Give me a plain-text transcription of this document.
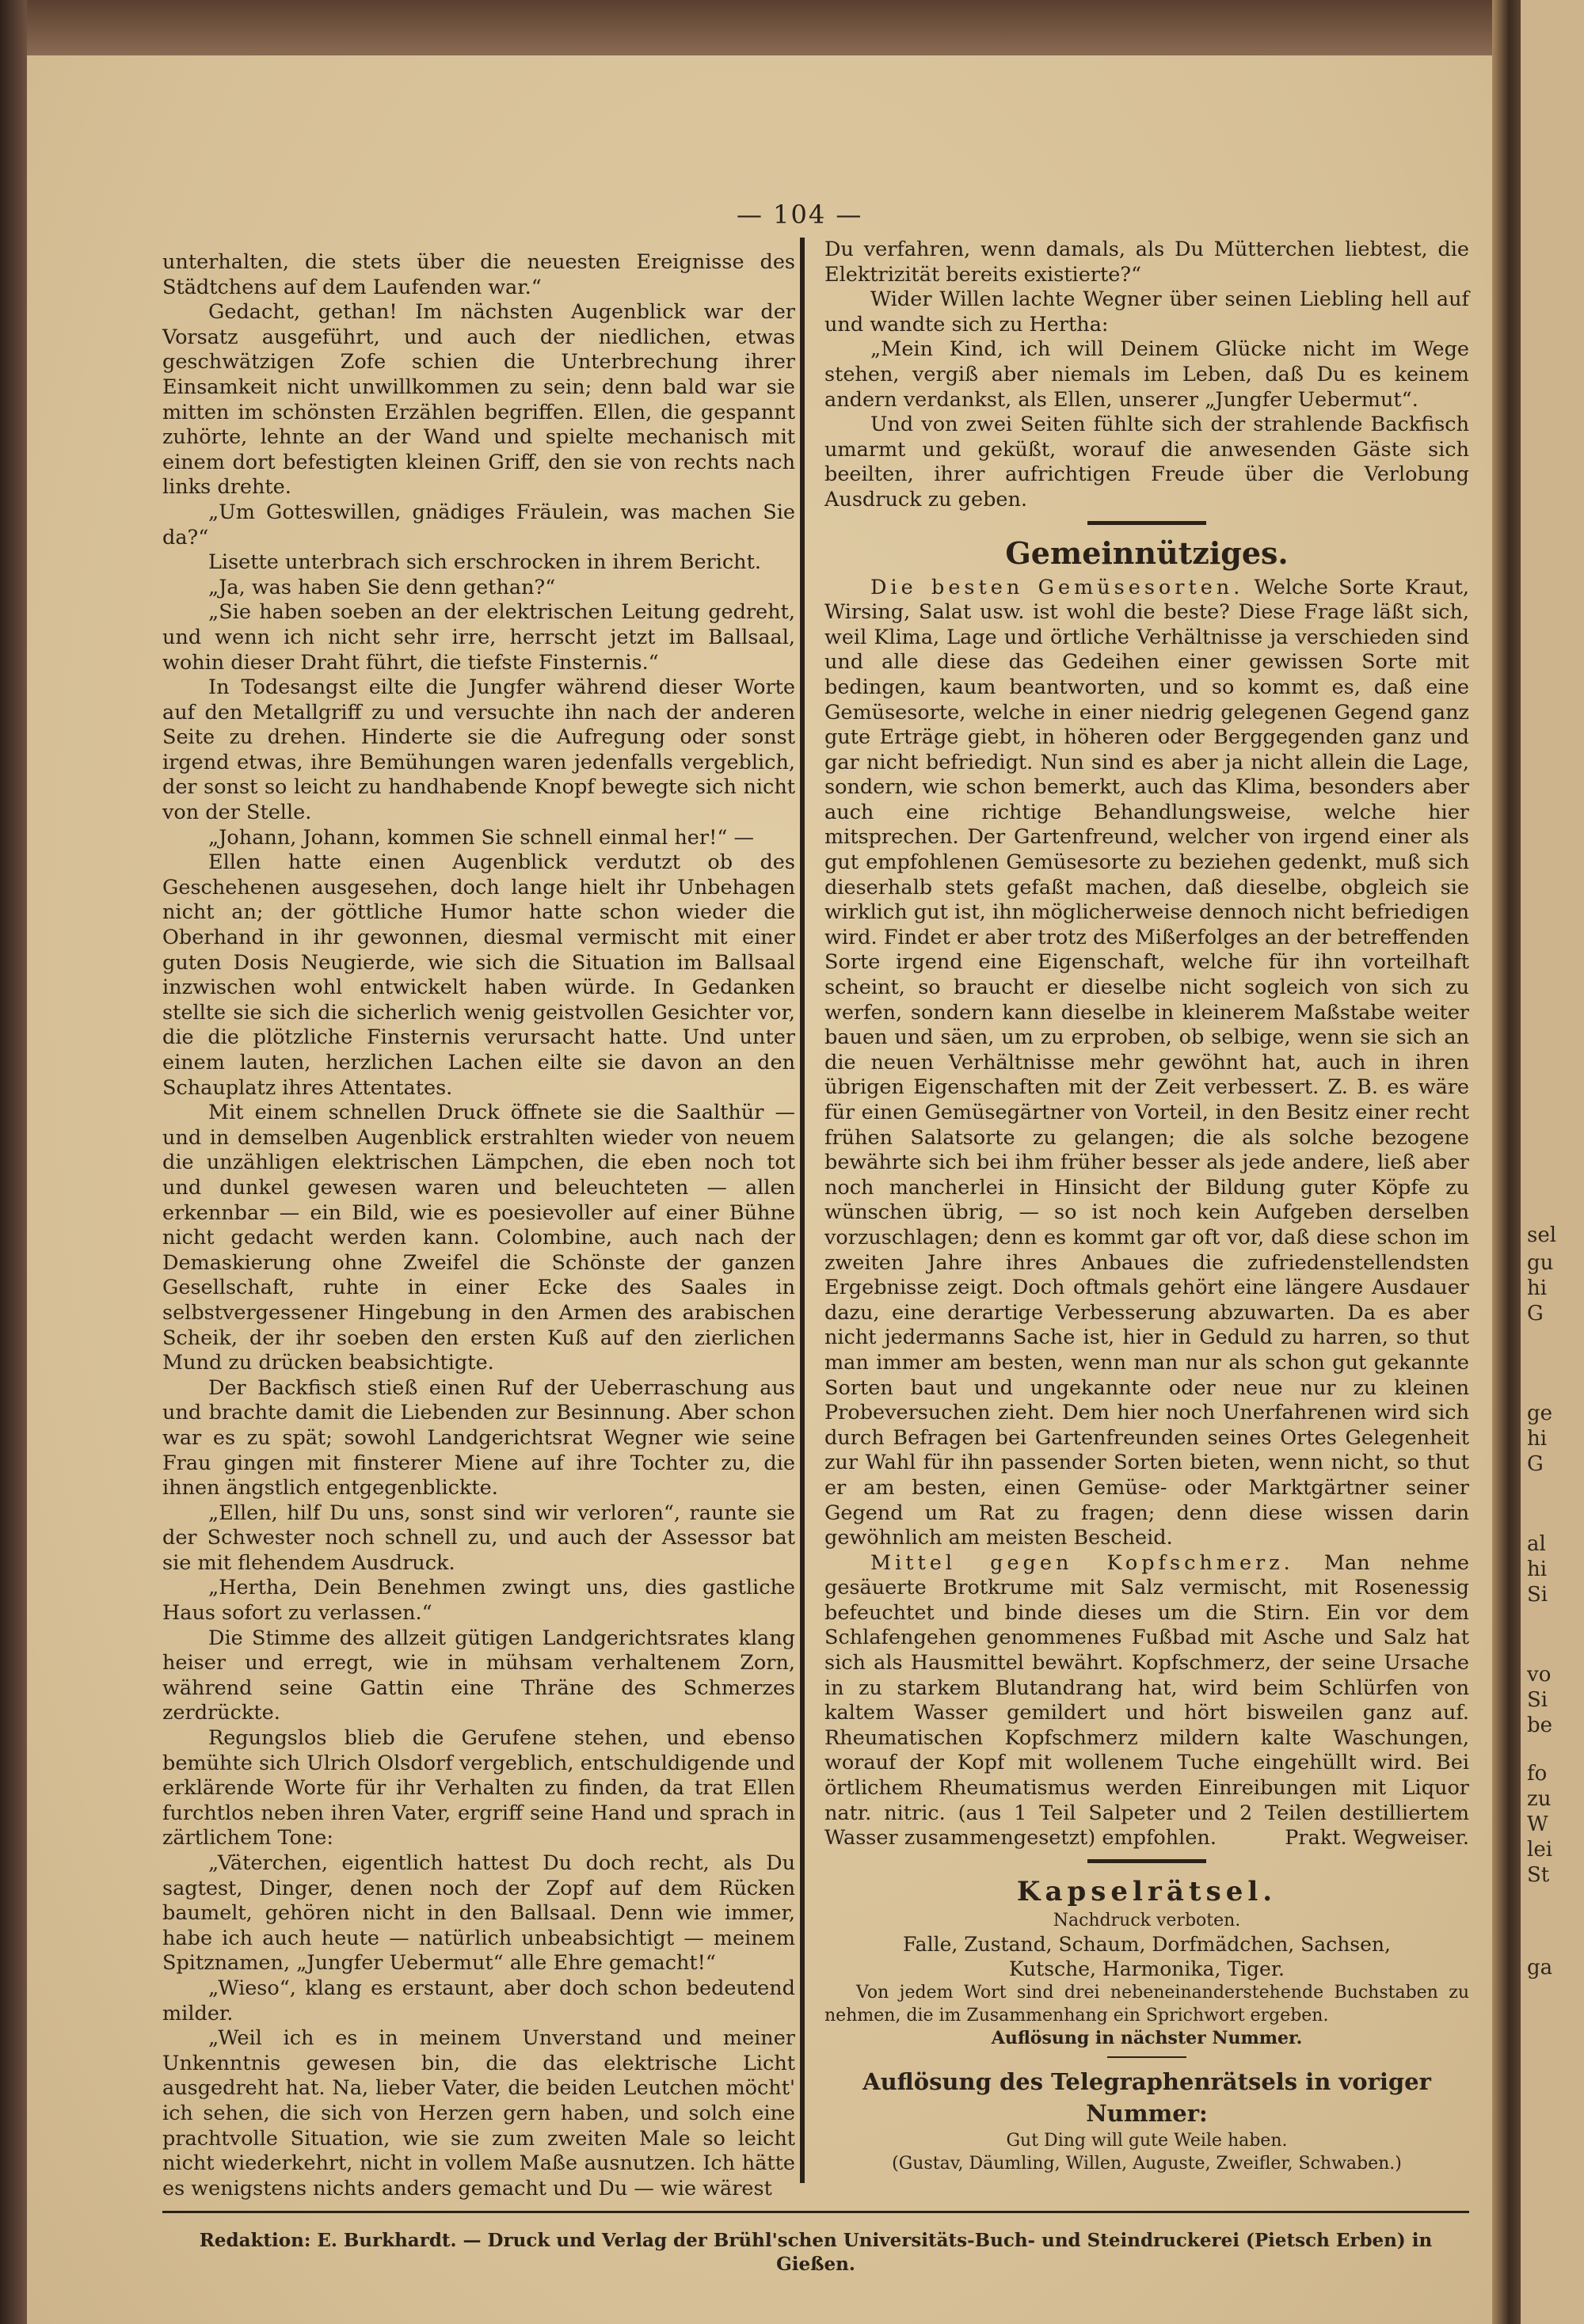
— 104 —

unterhalten, die stets über die neuesten Ereignisse des Städtchens auf dem Laufenden war.“

Gedacht, gethan! Im nächsten Augenblick war der Vorsatz ausgeführt, und auch der niedlichen, etwas geschwätzigen Zofe schien die Unterbrechung ihrer Einsamkeit nicht unwillkommen zu sein; denn bald war sie mitten im schönsten Erzählen begriffen. Ellen, die gespannt zuhörte, lehnte an der Wand und spielte mechanisch mit einem dort befestigten kleinen Griff, den sie von rechts nach links drehte.

„Um Gotteswillen, gnädiges Fräulein, was machen Sie da?“

Lisette unterbrach sich erschrocken in ihrem Bericht.

„Ja, was haben Sie denn gethan?“

„Sie haben soeben an der elektrischen Leitung gedreht, und wenn ich nicht sehr irre, herrscht jetzt im Ballsaal, wohin dieser Draht führt, die tiefste Finsternis.“

In Todesangst eilte die Jungfer während dieser Worte auf den Metallgriff zu und versuchte ihn nach der anderen Seite zu drehen. Hinderte sie die Aufregung oder sonst irgend etwas, ihre Bemühungen waren jedenfalls vergeblich, der sonst so leicht zu handhabende Knopf bewegte sich nicht von der Stelle.

„Johann, Johann, kommen Sie schnell einmal her!“ —

Ellen hatte einen Augenblick verdutzt ob des Geschehenen ausgesehen, doch lange hielt ihr Unbehagen nicht an; der göttliche Humor hatte schon wieder die Oberhand in ihr gewonnen, diesmal vermischt mit einer guten Dosis Neugierde, wie sich die Situation im Ballsaal inzwischen wohl entwickelt haben würde. In Gedanken stellte sie sich die sicherlich wenig geistvollen Gesichter vor, die die plötzliche Finsternis verursacht hatte. Und unter einem lauten, herzlichen Lachen eilte sie davon an den Schauplatz ihres Attentates.

Mit einem schnellen Druck öffnete sie die Saalthür — und in demselben Augenblick erstrahlten wieder von neuem die unzähligen elektrischen Lämpchen, die eben noch tot und dunkel gewesen waren und beleuchteten — allen erkennbar — ein Bild, wie es poesievoller auf einer Bühne nicht gedacht werden kann. Colombine, auch nach der Demaskierung ohne Zweifel die Schönste der ganzen Gesellschaft, ruhte in einer Ecke des Saales in selbstvergessener Hingebung in den Armen des arabischen Scheik, der ihr soeben den ersten Kuß auf den zierlichen Mund zu drücken beabsichtigte.

Der Backfisch stieß einen Ruf der Ueberraschung aus und brachte damit die Liebenden zur Besinnung. Aber schon war es zu spät; sowohl Landgerichtsrat Wegner wie seine Frau gingen mit finsterer Miene auf ihre Tochter zu, die ihnen ängstlich entgegenblickte.

„Ellen, hilf Du uns, sonst sind wir verloren“, raunte sie der Schwester noch schnell zu, und auch der Assessor bat sie mit flehendem Ausdruck.

„Hertha, Dein Benehmen zwingt uns, dies gastliche Haus sofort zu verlassen.“

Die Stimme des allzeit gütigen Landgerichtsrates klang heiser und erregt, wie in mühsam verhaltenem Zorn, während seine Gattin eine Thräne des Schmerzes zerdrückte.

Regungslos blieb die Gerufene stehen, und ebenso bemühte sich Ulrich Olsdorf vergeblich, entschuldigende und erklärende Worte für ihr Verhalten zu finden, da trat Ellen furchtlos neben ihren Vater, ergriff seine Hand und sprach in zärtlichem Tone:

„Väterchen, eigentlich hattest Du doch recht, als Du sagtest, Dinger, denen noch der Zopf auf dem Rücken baumelt, gehören nicht in den Ballsaal. Denn wie immer, habe ich auch heute — natürlich unbeabsichtigt — meinem Spitznamen, „Jungfer Uebermut“ alle Ehre gemacht!“

„Wieso“, klang es erstaunt, aber doch schon bedeutend milder.

„Weil ich es in meinem Unverstand und meiner Unkenntnis gewesen bin, die das elektrische Licht ausgedreht hat. Na, lieber Vater, die beiden Leutchen möcht' ich sehen, die sich von Herzen gern haben, und solch eine prachtvolle Situation, wie sie zum zweiten Male so leicht nicht wiederkehrt, nicht in vollem Maße ausnutzen. Ich hätte es wenigstens nichts anders gemacht und Du — wie wärest

Du verfahren, wenn damals, als Du Mütterchen liebtest, die Elektrizität bereits existierte?“

Wider Willen lachte Wegner über seinen Liebling hell auf und wandte sich zu Hertha:

„Mein Kind, ich will Deinem Glücke nicht im Wege stehen, vergiß aber niemals im Leben, daß Du es keinem andern verdankst, als Ellen, unserer „Jungfer Uebermut“.

Und von zwei Seiten fühlte sich der strahlende Backfisch umarmt und geküßt, worauf die anwesenden Gäste sich beeilten, ihrer aufrichtigen Freude über die Verlobung Ausdruck zu geben.

Gemeinnütziges.

Die besten Gemüsesorten. Welche Sorte Kraut, Wirsing, Salat usw. ist wohl die beste? Diese Frage läßt sich, weil Klima, Lage und örtliche Verhältnisse ja verschieden sind und alle diese das Gedeihen einer gewissen Sorte mit bedingen, kaum beantworten, und so kommt es, daß eine Gemüsesorte, welche in einer niedrig gelegenen Gegend ganz gute Erträge giebt, in höheren oder Berggegenden ganz und gar nicht befriedigt. Nun sind es aber ja nicht allein die Lage, sondern, wie schon bemerkt, auch das Klima, besonders aber auch eine richtige Behandlungsweise, welche hier mitsprechen. Der Gartenfreund, welcher von irgend einer als gut empfohlenen Gemüsesorte zu beziehen gedenkt, muß sich dieserhalb stets gefaßt machen, daß dieselbe, obgleich sie wirklich gut ist, ihn möglicherweise dennoch nicht befriedigen wird. Findet er aber trotz des Mißerfolges an der betreffenden Sorte irgend eine Eigenschaft, welche für ihn vorteilhaft scheint, so braucht er dieselbe nicht sogleich von sich zu werfen, sondern kann dieselbe in kleinerem Maßstabe weiter bauen und säen, um zu erproben, ob selbige, wenn sie sich an die neuen Verhältnisse mehr gewöhnt hat, auch in ihren übrigen Eigenschaften mit der Zeit verbessert. Z. B. es wäre für einen Gemüsegärtner von Vorteil, in den Besitz einer recht frühen Salatsorte zu gelangen; die als solche bezogene bewährte sich bei ihm früher besser als jede andere, ließ aber noch mancherlei in Hinsicht der Bildung guter Köpfe zu wünschen übrig, — so ist noch kein Aufgeben derselben vorzuschlagen; denn es kommt gar oft vor, daß diese schon im zweiten Jahre ihres Anbaues die zufriedenstellendsten Ergebnisse zeigt. Doch oftmals gehört eine längere Ausdauer dazu, eine derartige Verbesserung abzuwarten. Da es aber nicht jedermanns Sache ist, hier in Geduld zu harren, so thut man immer am besten, wenn man nur als schon gut gekannte Sorten baut und ungekannte oder neue nur zu kleinen Probeversuchen zieht. Dem hier noch Unerfahrenen wird sich durch Befragen bei Gartenfreunden seines Ortes Gelegenheit zur Wahl für ihn passender Sorten bieten, wenn nicht, so thut er am besten, einen Gemüse- oder Marktgärtner seiner Gegend um Rat zu fragen; denn diese wissen darin gewöhnlich am meisten Bescheid.

Mittel gegen Kopfschmerz. Man nehme gesäuerte Brotkrume mit Salz vermischt, mit Rosenessig befeuchtet und binde dieses um die Stirn. Ein vor dem Schlafengehen genommenes Fußbad mit Asche und Salz hat sich als Hausmittel bewährt. Kopfschmerz, der seine Ursache in zu starkem Blutandrang hat, wird beim Schlürfen von kaltem Wasser gemildert und hört bisweilen ganz auf. Rheumatischen Kopfschmerz mildern kalte Waschungen, worauf der Kopf mit wollenem Tuche eingehüllt wird. Bei örtlichem Rheumatismus werden Einreibungen mit Liquor natr. nitric. (aus 1 Teil Salpeter und 2 Teilen destilliertem Wasser zusammengesetzt) empfohlen.	Prakt. Wegweiser.

Kapselrätsel.
Nachdruck verboten.
Falle, Zustand, Schaum, Dorfmädchen, Sachsen, Kutsche, Harmonika, Tiger.
Von jedem Wort sind drei nebeneinanderstehende Buchstaben zu nehmen, die im Zusammenhang ein Sprichwort ergeben.
Auflösung in nächster Nummer.
Auflösung des Telegraphenrätsels in voriger Nummer:
Gut Ding will gute Weile haben.
(Gustav, Däumling, Willen, Auguste, Zweifler, Schwaben.)
Redaktion: E. Burkhardt. — Druck und Verlag der Brühl'schen Universitäts-Buch- und Steindruckerei (Pietsch Erben) in Gießen.
sel
gu
hi
G
ge
hi
G
al
hi
Si
vo
Si
be
fo
zu
W
lei
St
ga
